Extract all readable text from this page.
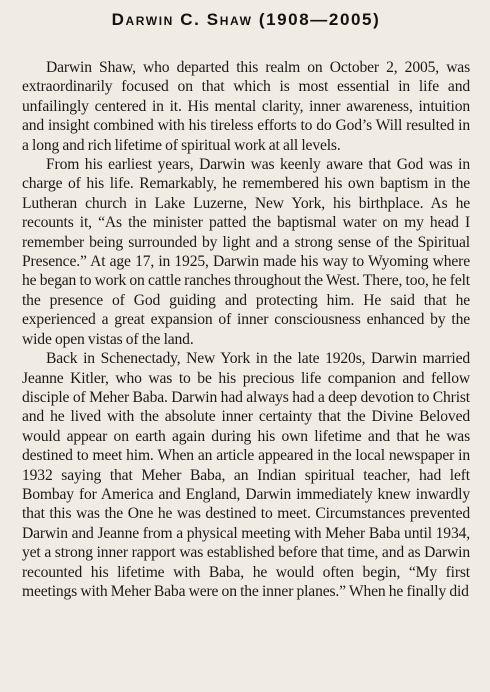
Darwin C. Shaw (1908—2005)

Darwin Shaw, who departed this realm on October 2, 2005, was extraordinarily focused on that which is most essential in life and unfailingly centered in it. His mental clarity, inner awareness, intuition and insight combined with his tireless efforts to do God’s Will resulted in a long and rich lifetime of spiritual work at all levels.

From his earliest years, Darwin was keenly aware that God was in charge of his life. Remarkably, he remembered his own baptism in the Lutheran church in Lake Luzerne, New York, his birthplace. As he recounts it, “As the minister patted the baptismal water on my head I remember being surrounded by light and a strong sense of the Spiritual Presence.” At age 17, in 1925, Darwin made his way to Wyoming where he began to work on cattle ranches throughout the West. There, too, he felt the presence of God guiding and protecting him. He said that he experienced a great expansion of inner consciousness enhanced by the wide open vistas of the land.

Back in Schenectady, New York in the late 1920s, Darwin married Jeanne Kitler, who was to be his precious life companion and fellow disciple of Meher Baba. Darwin had always had a deep devotion to Christ and he lived with the absolute inner certainty that the Divine Beloved would appear on earth again during his own lifetime and that he was destined to meet him. When an article appeared in the local newspaper in 1932 saying that Meher Baba, an Indian spiritual teacher, had left Bombay for America and England, Darwin immediately knew inwardly that this was the One he was destined to meet. Circumstances prevented Darwin and Jeanne from a physical meeting with Meher Baba until 1934, yet a strong inner rapport was established before that time, and as Darwin recounted his lifetime with Baba, he would often begin, “My first meetings with Meher Baba were on the inner planes.” When he finally did
